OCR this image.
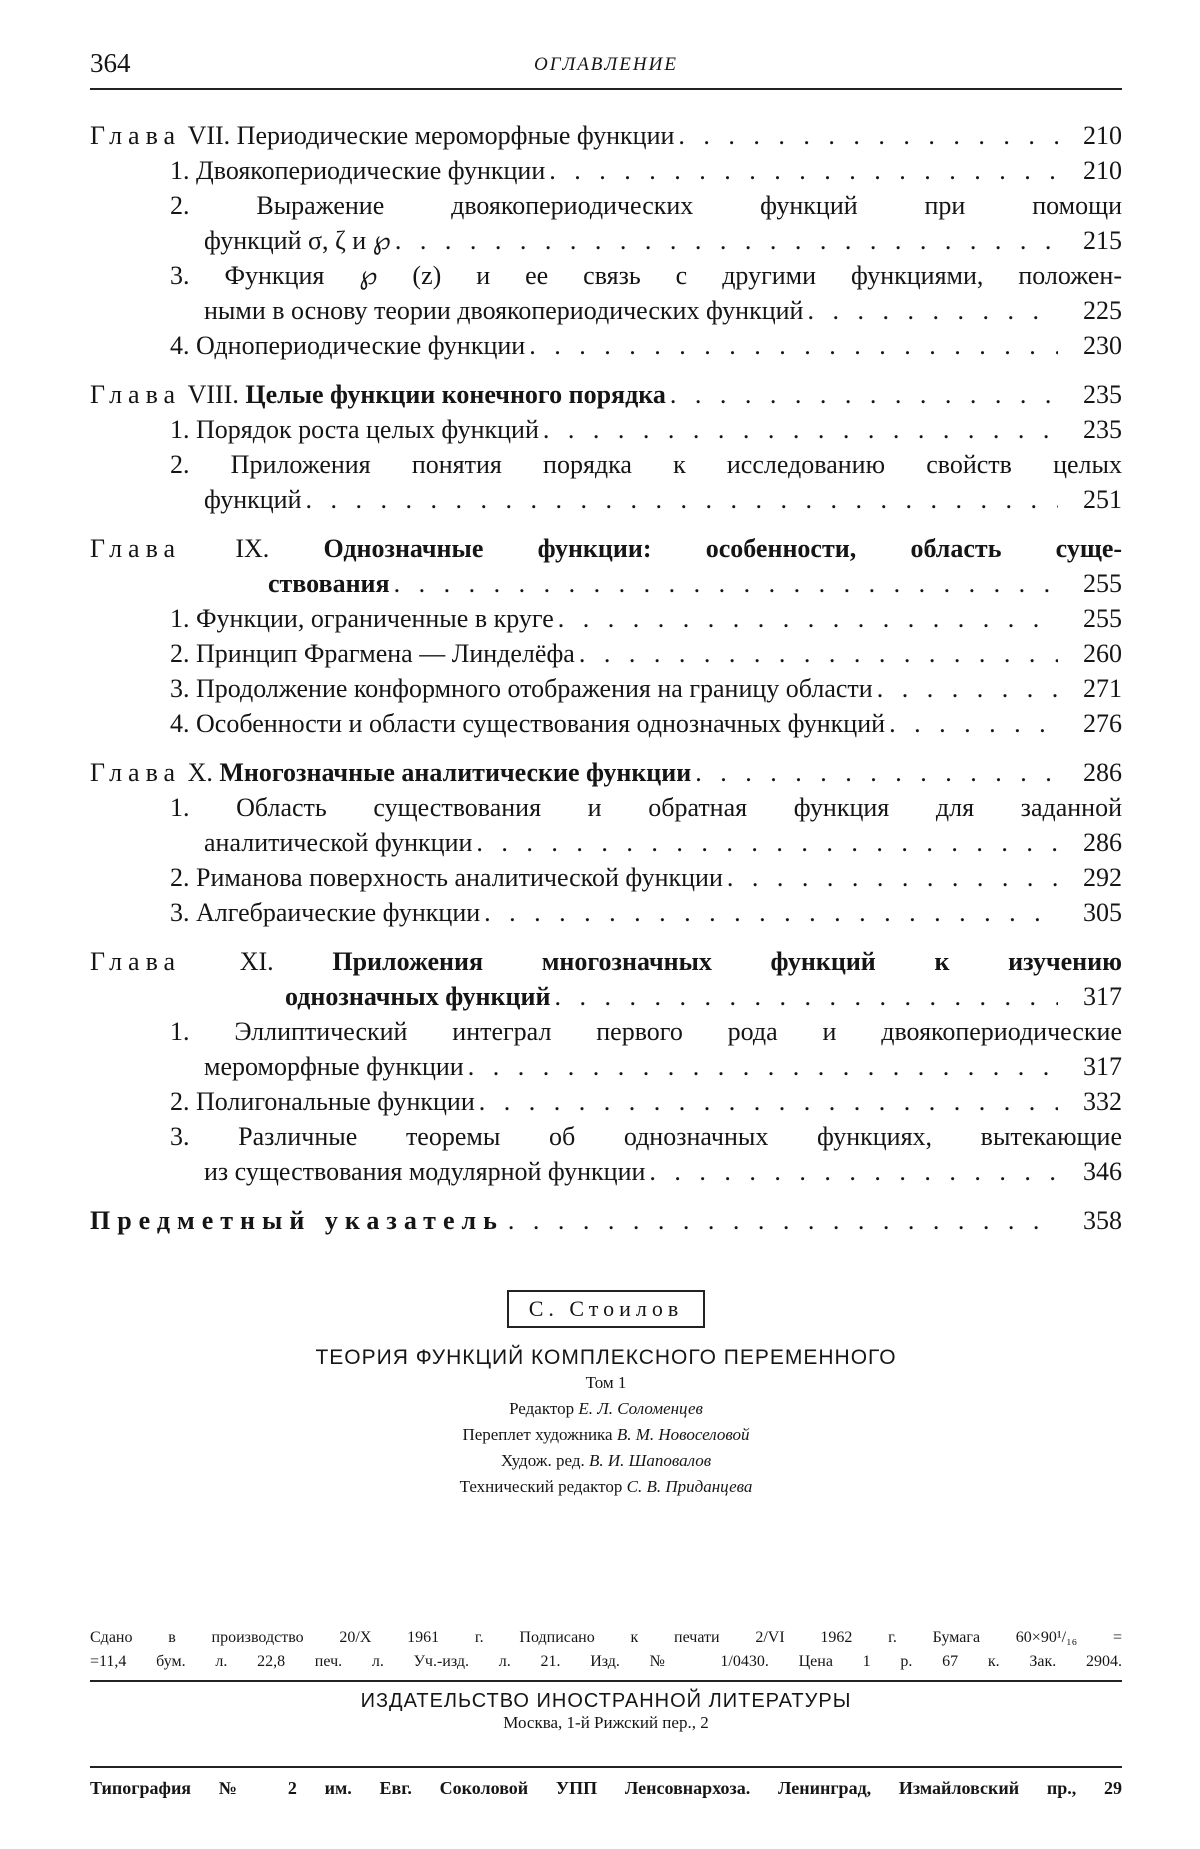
364	ОГЛАВЛЕНИЕ
Глава VII. Периодические мероморфные функции . . .	210
1. Двоякопериодические функции . . .	210
2. Выражение двоякопериодических функций при помощи
функций σ, ζ и ℘ . . .	215
3. Функция ℘ (z) и ее связь с другими функциями, положен-
ными в основу теории двоякопериодических функций . . .	225
4. Однопериодические функции . . .	230
Глава VIII. Целые функции конечного порядка . . .	235
1. Порядок роста целых функций . . .	235
2. Приложения понятия порядка к исследованию свойств целых
функций . . .	251
Глава IX. Однозначные функции: особенности, область суще-
ствования . . .	255
1. Функции, ограниченные в круге . . .	255
2. Принцип Фрагмена — Линделёфа . . .	260
3. Продолжение конформного отображения на границу области . . .	271
4. Особенности и области существования однозначных функций . . .	276
Глава X. Многозначные аналитические функции . . .	286
1. Область существования и обратная функция для заданной
аналитической функции . . .	286
2. Риманова поверхность аналитической функции . . .	292
3. Алгебраические функции . . .	305
Глава XI. Приложения многозначных функций к изучению
однозначных функций . . .	317
1. Эллиптический интеграл первого рода и двоякопериодические
мероморфные функции . . .	317
2. Полигональные функции . . .	332
3. Различные теоремы об однозначных функциях, вытекающие
из существования модулярной функции . . .	346
Предметный указатель . . .	358
С. Стоилов
ТЕОРИЯ ФУНКЦИЙ КОМПЛЕКСНОГО ПЕРЕМЕННОГО
Том 1
Редактор Е. Л. Соломенцев
Переплет художника В. М. Новоселовой
Худож. ред. В. И. Шаповалов
Технический редактор С. В. Придaнцева
Сдано в производство 20/X 1961 г. Подписано к печати 2/VI 1962 г. Бумага 60×90¹/₁₆ =
=11,4 бум. л. 22,8 печ. л. Уч.-изд. л. 21. Изд. № 1/0430. Цена 1 р. 67 к. Зак. 2904.
ИЗДАТЕЛЬСТВО ИНОСТРАННОЙ ЛИТЕРАТУРЫ
Москва, 1-й Рижский пер., 2
Типография № 2 им. Евг. Соколовой УПП Ленсовнархоза. Ленинград, Измайловский пр., 29
